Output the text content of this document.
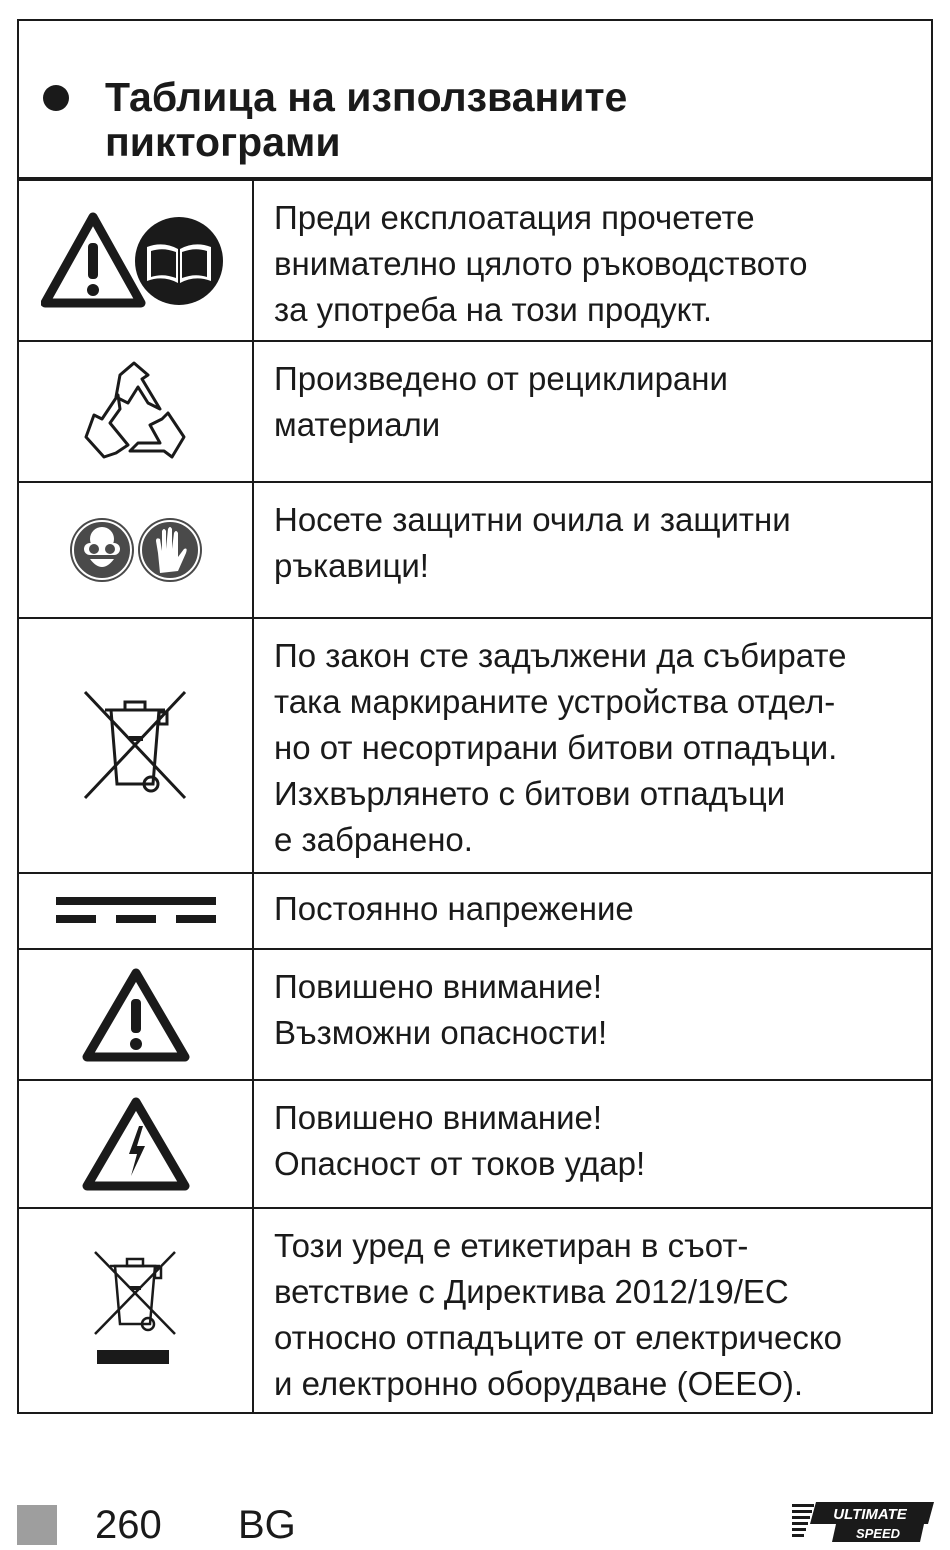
Таблица на използваните пиктограми
Преди експлоатация прочетете
внимателно цялото ръководството
за употреба на този продукт.
Произведено от рециклирани
материали
Носете защитни очила и защитни
ръкавици!
По закон сте задължени да събирате
така маркираните устройства отдел-
но от несортирани битови отпадъци.
Изхвърлянето с битови отпадъци
е забранено.
Постоянно напрежение
Повишено внимание!
Възможни опасности!
Повишено внимание!
Опасност от токов удар!
Този уред е етикетиран в съот-
ветствие с Директива 2012/19/EC
относно отпадъците от електрическо
и електронно оборудване (OEEO).
260 BG	ULTIMATE
SPEED
